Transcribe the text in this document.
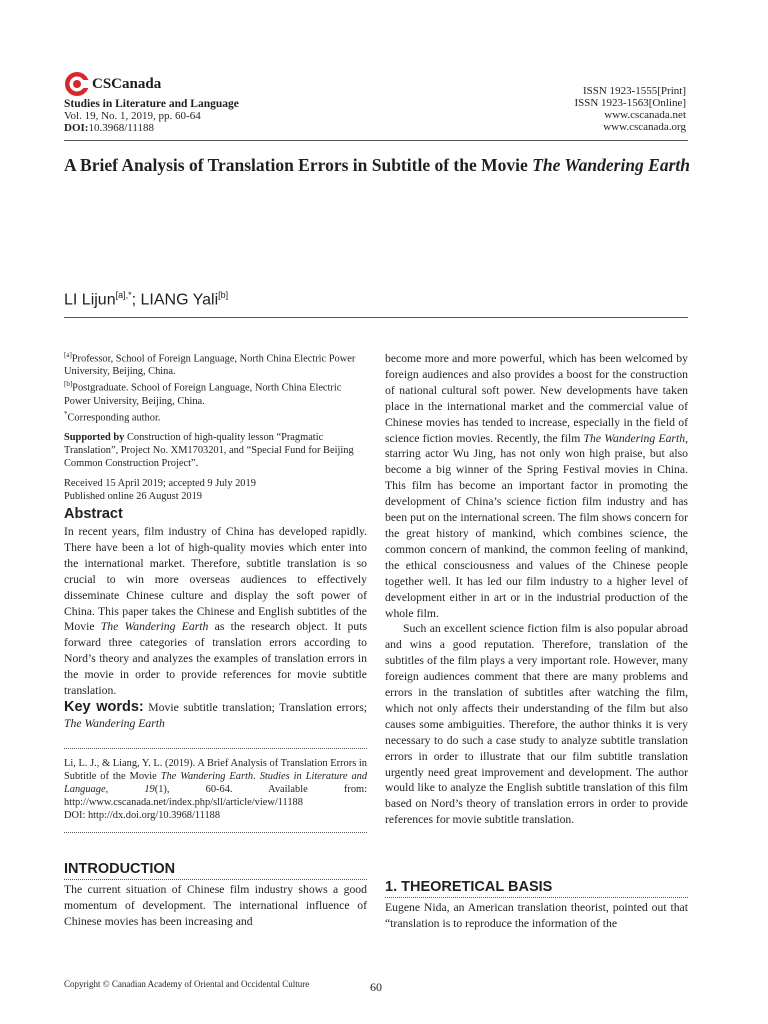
CSCanada
Studies in Literature and Language
Vol. 19, No. 1, 2019, pp. 60-64
DOI:10.3968/11188
ISSN 1923-1555[Print]
ISSN 1923-1563[Online]
www.cscanada.net
www.cscanada.org
A Brief Analysis of Translation Errors in Subtitle of the Movie The Wandering Earth
LI Lijun$^{[a],*}$; LIANG Yali[b]

[a]Professor, School of Foreign Language, North China Electric Power University, Beijing, China.

[b]Postgraduate. School of Foreign Language, North China Electric Power University, Beijing, China.

*Corresponding author.

Supported by Construction of high-quality lesson “Pragmatic Translation”, Project No. XM1703201, and “Special Fund for Beijing Common Construction Project”.

Received 15 April 2019; accepted 9 July 2019

Published online 26 August 2019

Abstract

In recent years, film industry of China has developed rapidly. There have been a lot of high-quality movies which enter into the international market. Therefore, subtitle translation is so crucial to win more overseas audiences to effectively disseminate Chinese culture and display the soft power of China. This paper takes the Chinese and English subtitles of the Movie The Wandering Earth as the research object. It puts forward three categories of translation errors according to Nord’s theory and analyzes the examples of translation errors in the movie in order to provide references for movie subtitle translation.

Key words: Movie subtitle translation; Translation errors; The Wandering Earth

Li, L. J., & Liang, Y. L. (2019). A Brief Analysis of Translation Errors in Subtitle of the Movie The Wandering Earth. Studies in Literature and Language, 19(1), 60-64. Available from: http://www.cscanada.net/index.php/sll/article/view/11188

DOI: http://dx.doi.org/10.3968/11188

INTRODUCTION

The current situation of Chinese film industry shows a good momentum of development. The international influence of Chinese movies has been increasing and

become more and more powerful, which has been welcomed by foreign audiences and also provides a boost for the construction of national cultural soft power. New developments have taken place in the international market and the commercial value of Chinese movies has tended to increase, especially in the field of science fiction movies. Recently, the film The Wandering Earth, starring actor Wu Jing, has not only won high praise, but also become a big winner of the Spring Festival movies in China. This film has become an important factor in promoting the development of China’s science fiction film industry and has been put on the international screen. The film shows concern for the great history of mankind, which combines science, the common concern of mankind, the common feeling of mankind, the ethical consciousness and values of the Chinese people together well. It has led our film industry to a higher level of development either in art or in the industrial production of the whole film.

Such an excellent science fiction film is also popular abroad and wins a good reputation. Therefore, translation of the subtitles of the film plays a very important role. However, many foreign audiences comment that there are many problems and errors in the translation of subtitles after watching the film, which not only affects their understanding of the film but also causes some ambiguities. Therefore, the author thinks it is very necessary to do such a case study to analyze subtitle translation errors in order to illustrate that our film subtitle translation urgently need great improvement and development. The author would like to analyze the English subtitle translation of this film based on Nord’s theory of translation errors in order to provide references for movie subtitle translation.

1. THEORETICAL BASIS

Eugene Nida, an American translation theorist, pointed out that “translation is to reproduce the information of the

Copyright © Canadian Academy of Oriental and Occidental Culture	60
